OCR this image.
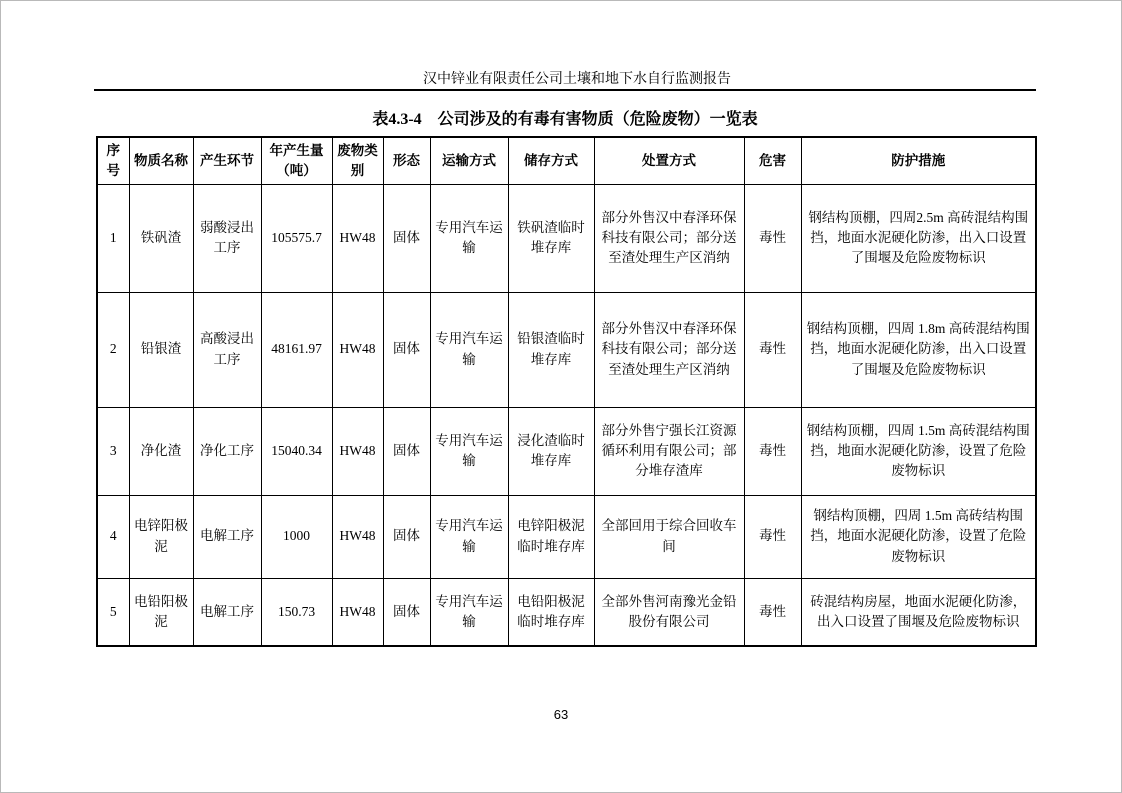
汉中锌业有限责任公司土壤和地下水自行监测报告
表4.3-4　公司涉及的有毒有害物质（危险废物）一览表
序号	物质名称	产生环节	年产生量（吨）	废物类别	形态	运输方式	储存方式	处置方式	危害	防护措施
1	铁矾渣	弱酸浸出工序	105575.7	HW48	固体	专用汽车运输	铁矾渣临时堆存库	部分外售汉中春泽环保科技有限公司；部分送至渣处理生产区消纳	毒性	钢结构顶棚，四周2.5m 高砖混结构围挡，地面水泥硬化防渗，出入口设置了围堰及危险废物标识
2	铅银渣	高酸浸出工序	48161.97	HW48	固体	专用汽车运输	铅银渣临时堆存库	部分外售汉中春泽环保科技有限公司；部分送至渣处理生产区消纳	毒性	钢结构顶棚，四周 1.8m 高砖混结构围挡，地面水泥硬化防渗，出入口设置了围堰及危险废物标识
3	净化渣	净化工序	15040.34	HW48	固体	专用汽车运输	浸化渣临时堆存库	部分外售宁强长江资源循环利用有限公司；部分堆存渣库	毒性	钢结构顶棚，四周 1.5m 高砖混结构围挡，地面水泥硬化防渗，设置了危险废物标识
4	电锌阳极泥	电解工序	1000	HW48	固体	专用汽车运输	电锌阳极泥临时堆存库	全部回用于综合回收车间	毒性	钢结构顶棚，四周 1.5m 高砖结构围挡，地面水泥硬化防渗，设置了危险废物标识
5	电铅阳极泥	电解工序	150.73	HW48	固体	专用汽车运输	电铅阳极泥临时堆存库	全部外售河南豫光金铅股份有限公司	毒性	砖混结构房屋，地面水泥硬化防渗，出入口设置了围堰及危险废物标识
63
